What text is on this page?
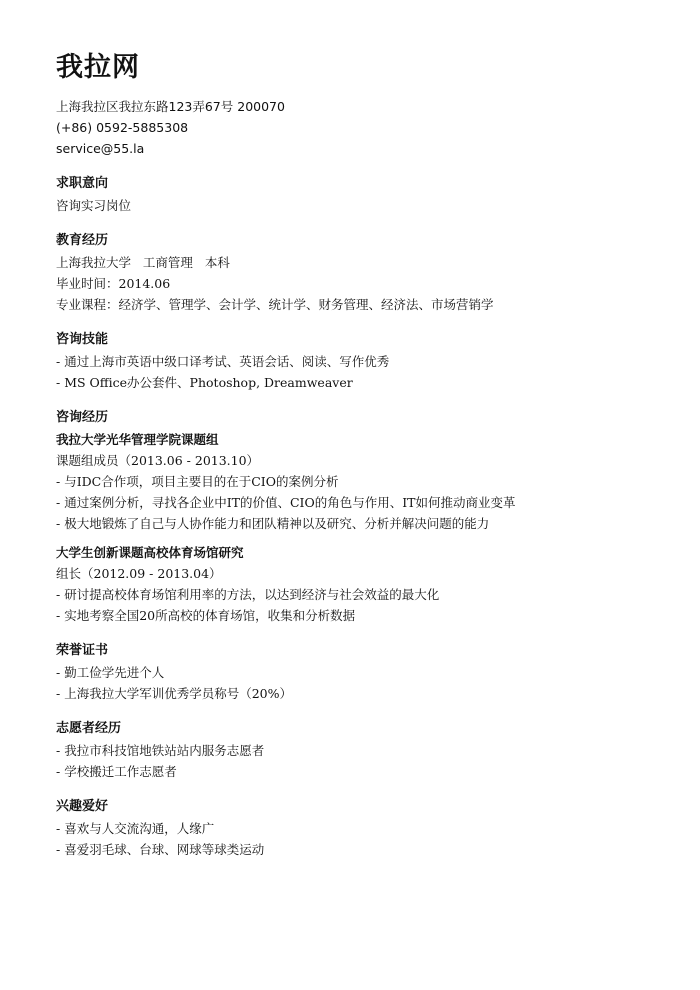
我拉网
上海我拉区我拉东路123弄67号 200070
(+86) 0592-5885308
service@55.la
求职意向
咨询实习岗位
教育经历
上海我拉大学   工商管理   本科
毕业时间：2014.06
专业课程：经济学、管理学、会计学、统计学、财务管理、经济法、市场营销学
咨询技能
- 通过上海市英语中级口译考试、英语会话、阅读、写作优秀
- MS Office办公套件、Photoshop, Dreamweaver
咨询经历
我拉大学光华管理学院课题组
课题组成员（2013.06 - 2013.10）
- 与IDC合作项，项目主要目的在于CIO的案例分析
- 通过案例分析，寻找各企业中IT的价值、CIO的角色与作用、IT如何推动商业变革
- 极大地锻炼了自己与人协作能力和团队精神以及研究、分析并解决问题的能力
大学生创新课题高校体育场馆研究
组长（2012.09 - 2013.04）
- 研讨提高校体育场馆利用率的方法，以达到经济与社会效益的最大化
- 实地考察全国20所高校的体育场馆，收集和分析数据
荣誉证书
- 勤工俭学先进个人
- 上海我拉大学军训优秀学员称号（20%）
志愿者经历
- 我拉市科技馆地铁站站内服务志愿者
- 学校搬迁工作志愿者
兴趣爱好
- 喜欢与人交流沟通，人缘广
- 喜爱羽毛球、台球、网球等球类运动
